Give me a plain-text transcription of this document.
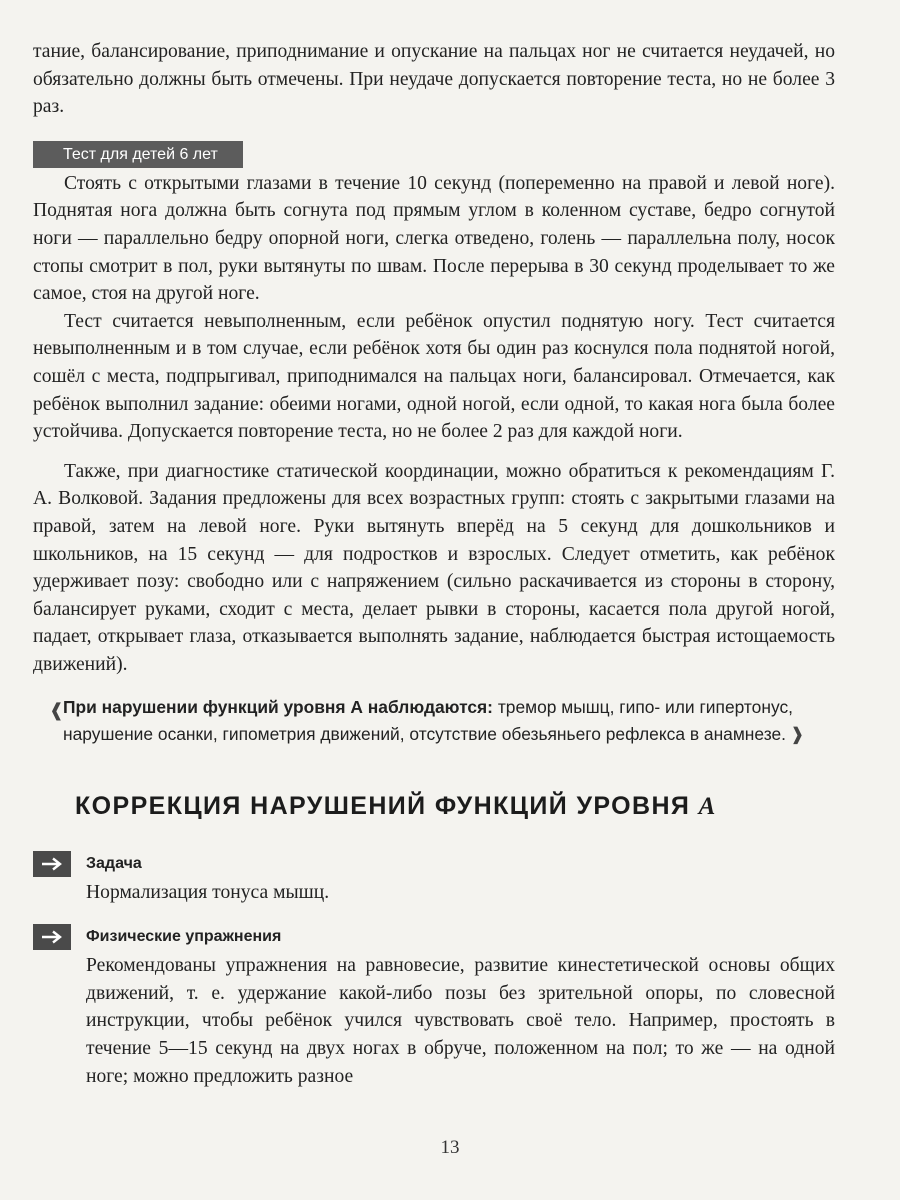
тание, балансирование, приподнимание и опускание на пальцах ног не считается неудачей, но обязательно должны быть отмечены. При неудаче допускается повторение теста, но не более 3 раз.

Тест для детей 6 лет

Стоять с открытыми глазами в течение 10 секунд (попеременно на правой и левой ноге). Поднятая нога должна быть согнута под прямым углом в коленном суставе, бедро согнутой ноги — параллельно бедру опорной ноги, слегка отведено, голень — параллельна полу, носок стопы смотрит в пол, руки вытянуты по швам. После перерыва в 30 секунд проделывает то же самое, стоя на другой ноге.

Тест считается невыполненным, если ребёнок опустил поднятую ногу. Тест считается невыполненным и в том случае, если ребёнок хотя бы один раз коснулся пола поднятой ногой, сошёл с места, подпрыгивал, приподнимался на пальцах ноги, балансировал. Отмечается, как ребёнок выполнил задание: обеими ногами, одной ногой, если одной, то какая нога была более устойчива. Допускается повторение теста, но не более 2 раз для каждой ноги.

Также, при диагностике статической координации, можно обратиться к рекомендациям Г. А. Волковой. Задания предложены для всех возрастных групп: стоять с закрытыми глазами на правой, затем на левой ноге. Руки вытянуть вперёд на 5 секунд для дошкольников и школьников, на 15 секунд — для подростков и взрослых. Следует отметить, как ребёнок удерживает позу: свободно или с напряжением (сильно раскачивается из стороны в сторону, балансирует руками, сходит с места, делает рывки в стороны, касается пола другой ногой, падает, открывает глаза, отказывается выполнять задание, наблюдается быстрая истощаемость движений).

❰
При нарушении функций уровня А наблюдаются: тремор мышц, гипо- или гипертонус, нарушение осанки, гипометрия движений, отсутствие обезьяньего рефлекса в анамнезе. ❱
КОРРЕКЦИЯ НАРУШЕНИЙ ФУНКЦИЙ УРОВНЯ А
Задача

Нормализация тонуса мышц.

Физические упражнения

Рекомендованы упражнения на равновесие, развитие кинестетической основы общих движений, т. е. удержание какой-либо позы без зрительной опоры, по словесной инструкции, чтобы ребёнок учился чувствовать своё тело. Например, простоять в течение 5—15 секунд на двух ногах в обруче, положенном на пол; то же — на одной ноге; можно предложить разное

13
